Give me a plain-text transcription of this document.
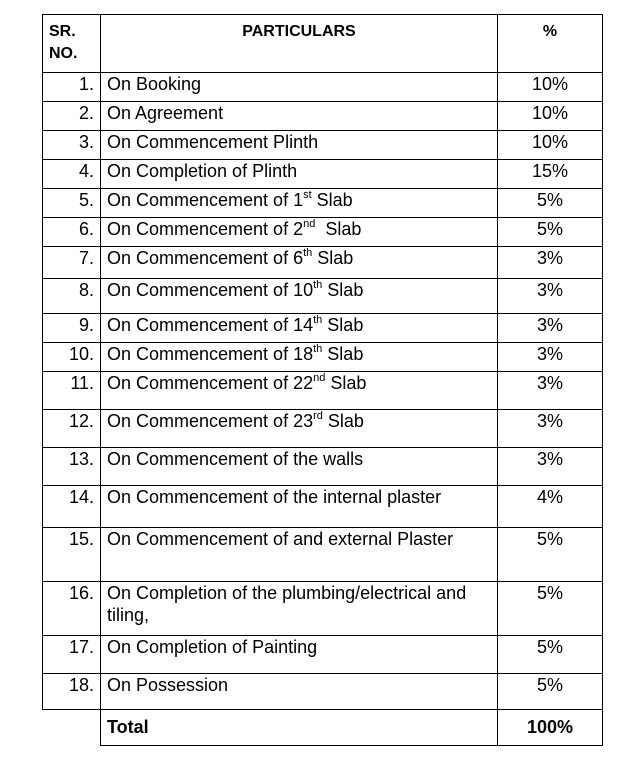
SR. NO.	PARTICULARS	%
1.	On Booking	10%
2.	On Agreement	10%
3.	On Commencement Plinth	10%
4.	On Completion of Plinth	15%
5.	On Commencement of 1st Slab	5%
6.	On Commencement of 2nd  Slab	5%
7.	On Commencement of 6th Slab	3%
8.	On Commencement of 10th Slab	3%
9.	On Commencement of 14th Slab	3%
10.	On Commencement of 18th Slab	3%
11.	On Commencement of 22nd Slab	3%
12.	On Commencement of 23rd Slab	3%
13.	On Commencement of the walls	3%
14.	On Commencement of the internal plaster	4%
15.	On Commencement of and external Plaster	5%
16.	On Completion of the plumbing/electrical and tiling,	5%
17.	On Completion of Painting	5%
18.	On Possession	5%
	Total	100%
